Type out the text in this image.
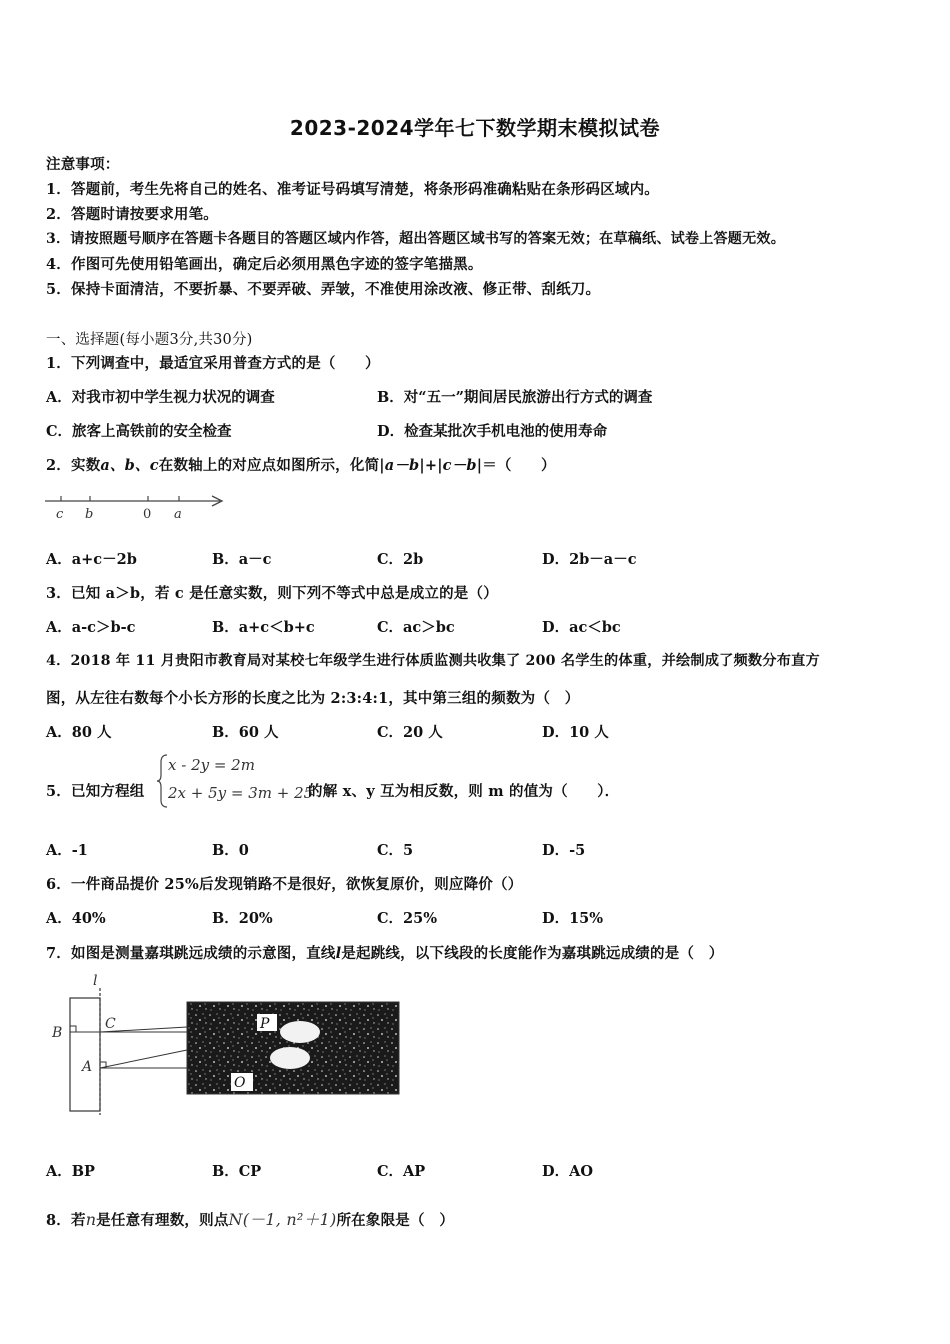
2023-2024学年七下数学期末模拟试卷
注意事项：
1．答题前，考生先将自己的姓名、准考证号码填写清楚，将条形码准确粘贴在条形码区域内。
2．答题时请按要求用笔。
3．请按照题号顺序在答题卡各题目的答题区域内作答，超出答题区域书写的答案无效；在草稿纸、试卷上答题无效。
4．作图可先使用铅笔画出，确定后必须用黑色字迹的签字笔描黑。
5．保持卡面清洁，不要折暴、不要弄破、弄皱，不准使用涂改液、修正带、刮纸刀。
一、选择题(每小题3分,共30分)
1．下列调查中，最适宜采用普查方式的是（　　）
A．对我市初中学生视力状况的调查	B．对“五一”期间居民旅游出行方式的调查
C．旅客上高铁前的安全检查	D．检查某批次手机电池的使用寿命
2．实数a、b、c在数轴上的对应点如图所示，化简|a－b|+|c－b|＝（　　）
c b	0 a
A．a+c－2b	B．a－c	C．2b	D．2b－a－c
3．已知 a＞b，若 c 是任意实数，则下列不等式中总是成立的是（）
A．a-c＞b-c	B．a+c＜b+c	C．ac＞bc	D．ac＜bc
4．2018 年 11 月贵阳市教育局对某校七年级学生进行体质监测共收集了 200 名学生的体重，并绘制成了频数分布直方
图，从左往右数每个小长方形的长度之比为 2:3:4:1，其中第三组的频数为（　）
A．80 人	B．60 人	C．20 人	D．10 人
5．已知方程组
x - 2y = 2m
2x + 5y = 3m + 25
的解 x、y 互为相反数，则 m 的值为（　　）．
A．-1	B．0	C．5	D．-5
6．一件商品提价 25%后发现销路不是很好，欲恢复原价，则应降价（）
A．40%	B．20%	C．25%	D．15%
7．如图是测量嘉琪跳远成绩的示意图，直线l是起跳线，以下线段的长度能作为嘉琪跳远成绩的是（　）
l
B
C
A
P
O
A．BP	B．CP	C．AP	D．AO
8．若n是任意有理数，则点N(－1, n²＋1)所在象限是（　）
